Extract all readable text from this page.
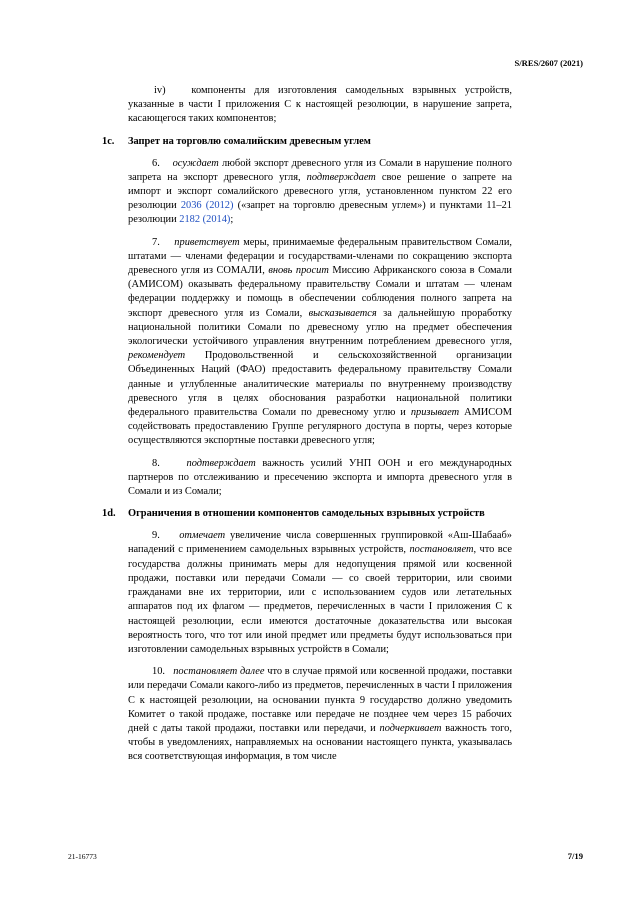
S/RES/2607 (2021)

iv) компоненты для изготовления самодельных взрывных устройств, указанные в части I приложения С к настоящей резолюции, в нарушение запрета, касающегося таких компонентов;

1c. Запрет на торговлю сомалийским древесным углем

6. осуждает любой экспорт древесного угля из Сомали в нарушение полного запрета на экспорт древесного угля, подтверждает свое решение о запрете на импорт и экспорт сомалийского древесного угля, установленном пунктом 22 его резолюции 2036 (2012) («запрет на торговлю древесным углем») и пунктами 11–21 резолюции 2182 (2014);

7. приветствует меры, принимаемые федеральным правительством Сомали, штатами — членами федерации и государствами-членами по сокращению экспорта древесного угля из СОМАЛИ, вновь просит Миссию Африканского союза в Сомали (АМИСОМ) оказывать федеральному правительству Сомали и штатам — членам федерации поддержку и помощь в обеспечении соблюдения полного запрета на экспорт древесного угля из Сомали, высказывается за дальнейшую проработку национальной политики Сомали по древесному углю на предмет обеспечения экологически устойчивого управления внутренним потреблением древесного угля, рекомендует Продовольственной и сельскохозяйственной организации Объединенных Наций (ФАО) предоставить федеральному правительству Сомали данные и углубленные аналитические материалы по внутреннему производству древесного угля в целях обоснования разработки национальной политики федерального правительства Сомали по древесному углю и призывает АМИСОМ содействовать предоставлению Группе регулярного доступа в порты, через которые осуществляются экспортные поставки древесного угля;

8.	подтверждает важность усилий УНП ООН и его международных партнеров по отслеживанию и пресечению экспорта и импорта древесного угля в Сомали и из Сомали;

1d. Ограничения в отношении компонентов самодельных взрывных устройств

9. отмечает увеличение числа совершенных группировкой «Аш-Шабааб» нападений с применением самодельных взрывных устройств, постановляет, что все государства должны принимать меры для недопущения прямой или косвенной продажи, поставки или передачи Сомали — со своей территории, или своими гражданами вне их территории, или с использованием судов или летательных аппаратов под их флагом — предметов, перечисленных в части I приложения С к настоящей резолюции, если имеются достаточные доказательства или высокая вероятность того, что тот или иной предмет или предметы будут использоваться при изготовлении самодельных взрывных устройств в Сомали;

10. постановляет далее что в случае прямой или косвенной продажи, поставки или передачи Сомали какого-либо из предметов, перечисленных в части I приложения С к настоящей резолюции, на основании пункта 9 государство должно уведомить Комитет о такой продаже, поставке или передаче не позднее чем через 15 рабочих дней с даты такой продажи, поставки или передачи, и подчеркивает важность того, чтобы в уведомлениях, направляемых на основании настоящего пункта, указывалась вся соответствующая информация, в том числе

21-16773	7/19
